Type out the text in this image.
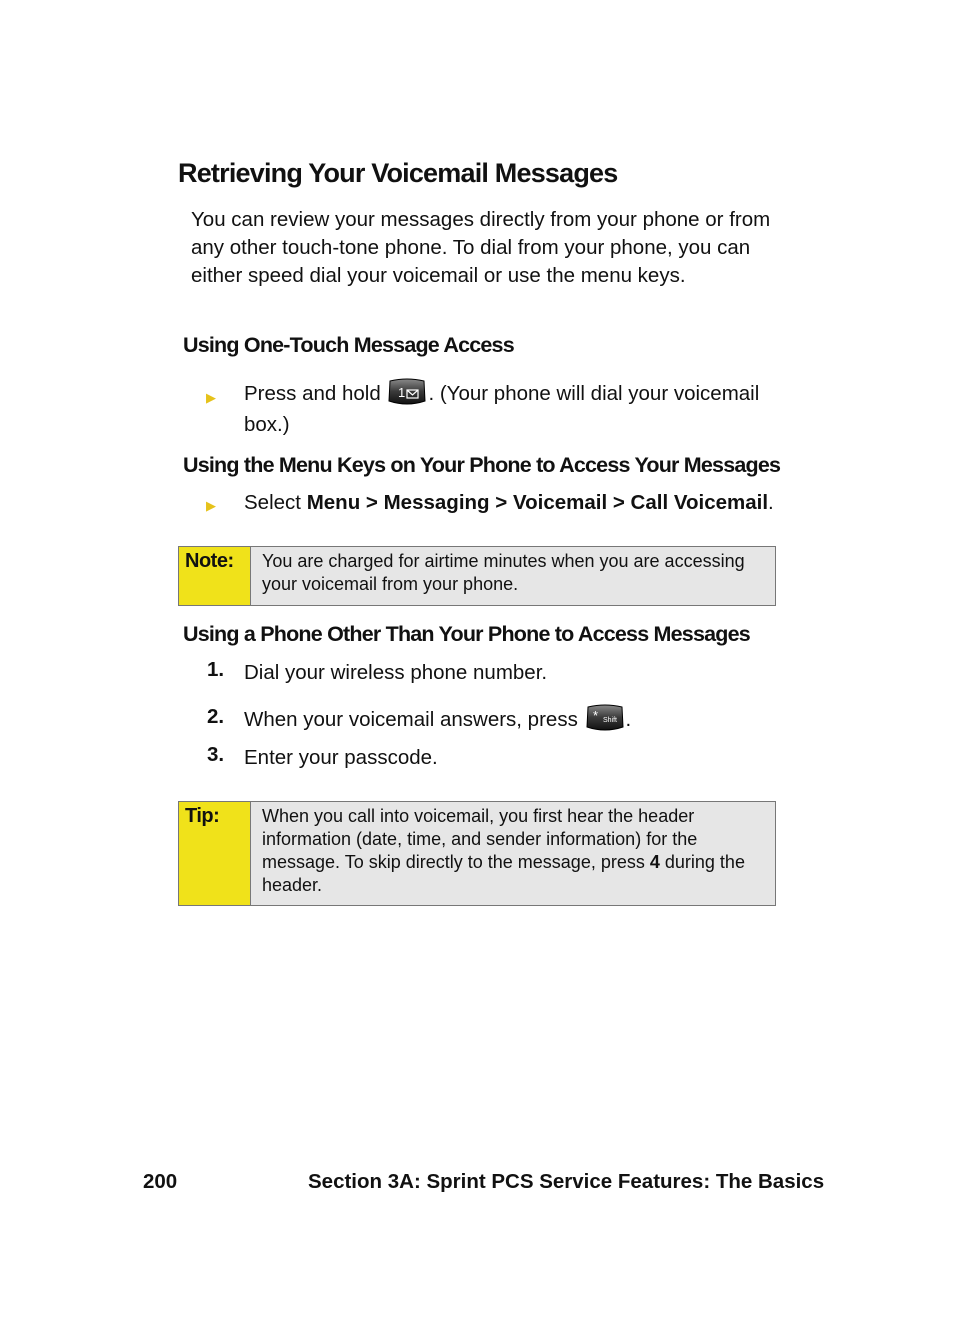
Retrieving Your Voicemail Messages
You can review your messages directly from your phone or from any other touch-tone phone. To dial from your phone, you can either speed dial your voicemail or use the menu keys.
Using One-Touch Message Access
▶ Press and hold 1 . (Your phone will dial your voicemail box.)
Using the Menu Keys on Your Phone to Access Your Messages
▶ Select Menu > Messaging > Voicemail > Call Voicemail.
Note:	You are charged for airtime minutes when you are accessing your voicemail from your phone.
Using a Phone Other Than Your Phone to Access Messages
1. Dial your wireless phone number.
2. When your voicemail answers, press * Shift .
3. Enter your passcode.
Tip:	When you call into voicemail, you first hear the header information (date, time, and sender information) for the message. To skip directly to the message, press 4 during the header.
200	Section 3A: Sprint PCS Service Features: The Basics
